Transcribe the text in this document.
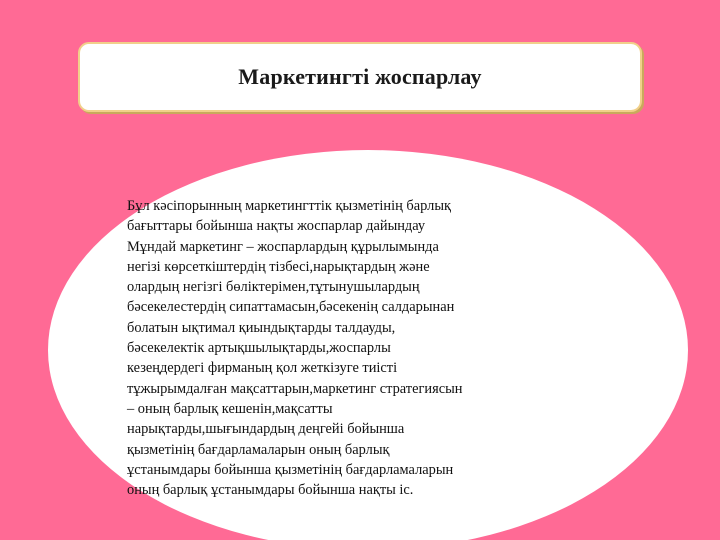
Маркетингті жоспарлау

Бұл кәсіпорынның маркетингттік қызметінің барлық
бағыттары бойынша нақты жоспарлар дайындау
Мұндай маркетинг – жоспарлардың құрылымында
негізі көрсеткіштердің тізбесі,нарықтардың және
олардың негізгі бөліктерімен,тұтынушылардың
бәсекелестердің сипаттамасын,бәсекенің салдарынан
болатын ықтимал қиындықтарды талдауды,
бәсекелектік артықшылықтарды,жоспарлы
кезеңдердегі фирманың қол жеткізуге тиісті
тұжырымдалған мақсаттарын,маркетинг стратегиясын
– оның барлық кешенін,мақсатты
нарықтарды,шығындардың деңгейі бойынша
қызметінің бағдарламаларын оның барлық
ұстанымдары бойынша қызметінің бағдарламаларын
оның барлық ұстанымдары бойынша нақты іс.
